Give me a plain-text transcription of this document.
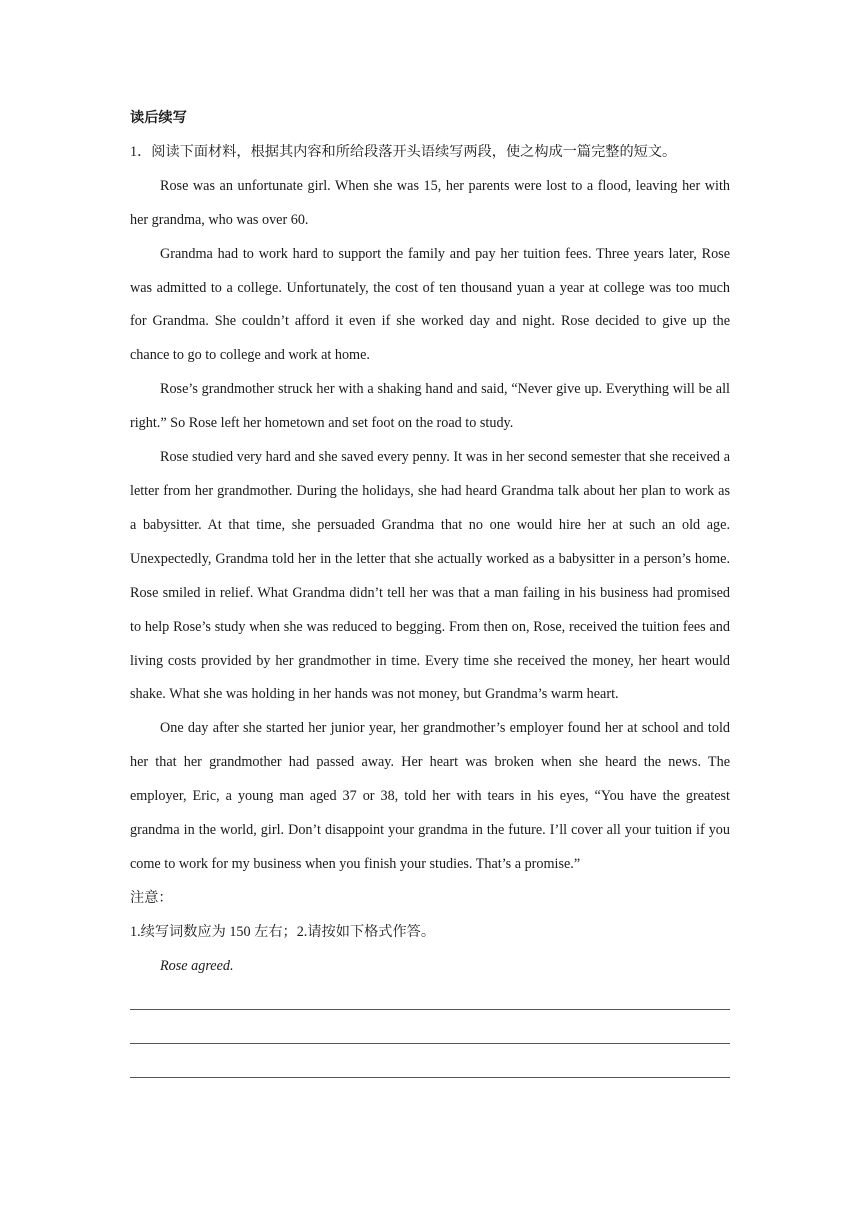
读后续写

1．阅读下面材料，根据其内容和所给段落开头语续写两段，使之构成一篇完整的短文。

Rose was an unfortunate girl. When she was 15, her parents were lost to a flood, leaving her with her grandma, who was over 60.

Grandma had to work hard to support the family and pay her tuition fees. Three years later, Rose was admitted to a college. Unfortunately, the cost of ten thousand yuan a year at college was too much for Grandma. She couldn’t afford it even if she worked day and night. Rose decided to give up the chance to go to college and work at home.

Rose’s grandmother struck her with a shaking hand and said, “Never give up. Everything will be all right.” So Rose left her hometown and set foot on the road to study.

Rose studied very hard and she saved every penny. It was in her second semester that she received a letter from her grandmother. During the holidays, she had heard Grandma talk about her plan to work as a babysitter. At that time, she persuaded Grandma that no one would hire her at such an old age. Unexpectedly, Grandma told her in the letter that she actually worked as a babysitter in a person’s home. Rose smiled in relief. What Grandma didn’t tell her was that a man failing in his business had promised to help Rose’s study when she was reduced to begging. From then on, Rose, received the tuition fees and living costs provided by her grandmother in time. Every time she received the money, her heart would shake. What she was holding in her hands was not money, but Grandma’s warm heart.

One day after she started her junior year, her grandmother’s employer found her at school and told her that her grandmother had passed away. Her heart was broken when she heard the news. The employer, Eric, a young man aged 37 or 38, told her with tears in his eyes, “You have the greatest grandma in the world, girl. Don’t disappoint your grandma in the future. I’ll cover all your tuition if you come to work for my business when you finish your studies. That’s a promise.”

注意：

1.续写词数应为 150 左右；2.请按如下格式作答。

Rose agreed.
